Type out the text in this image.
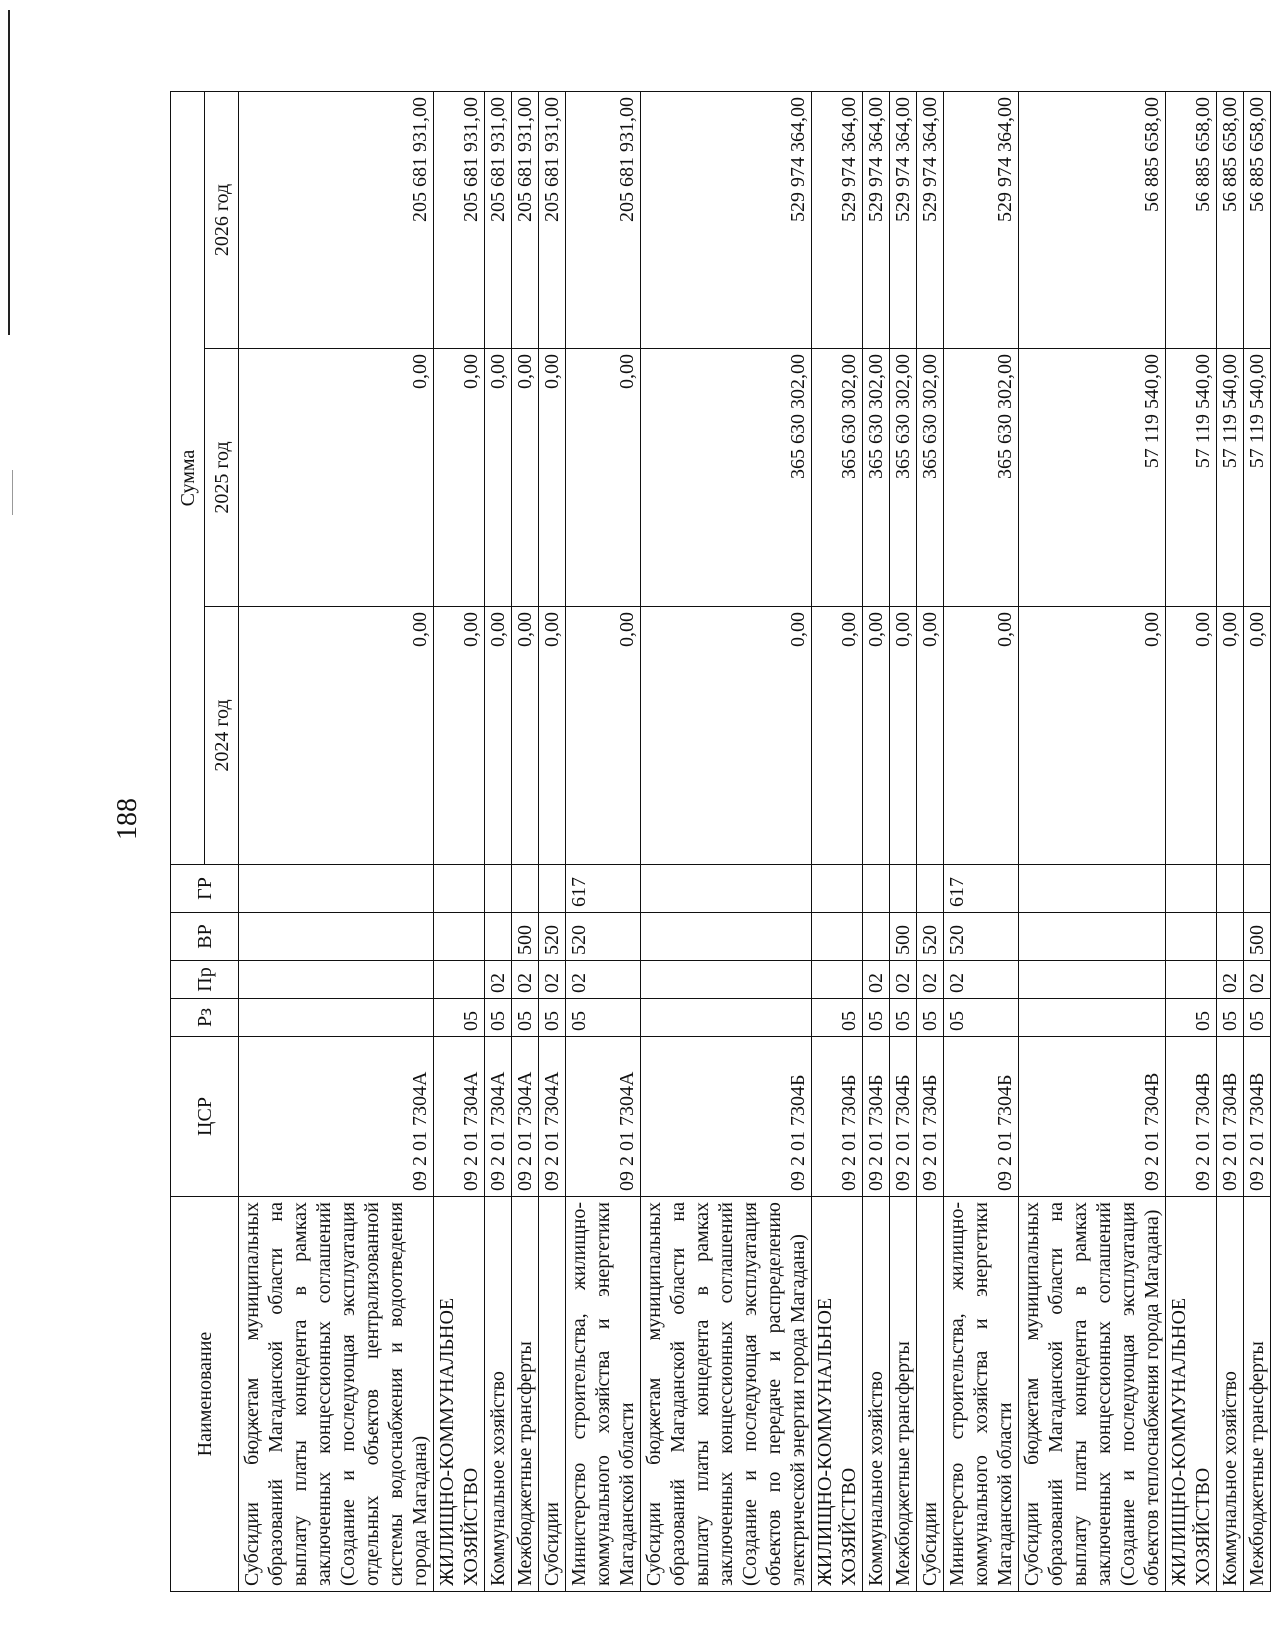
188
Наименование	ЦСР	Рз	Пр	ВР	ГР	Сумма		
						2024 год	2025 год	2026 год
Субсидии бюджетам муниципальных образований Магаданской области на выплату платы концедента в рамках заключенных концессионных соглашений (Создание и последующая эксплуатация отдельных объектов централизованной системы водоснабжения и водоотведения города Магадана)	09 2 01 7304А					0,00	0,00	205 681 931,00
ЖИЛИЩНО-КОММУНАЛЬНОЕ ХОЗЯЙСТВО	09 2 01 7304А	05				0,00	0,00	205 681 931,00
Коммунальное хозяйство	09 2 01 7304А	05	02			0,00	0,00	205 681 931,00
Межбюджетные трансферты	09 2 01 7304А	05	02	500		0,00	0,00	205 681 931,00
Субсидии	09 2 01 7304А	05	02	520		0,00	0,00	205 681 931,00
Министерство строительства, жилищно-коммунального хозяйства и энергетики Магаданской области	09 2 01 7304А	05	02	520	617	0,00	0,00	205 681 931,00
Субсидии бюджетам муниципальных образований Магаданской области на выплату платы концедента в рамках заключенных концессионных соглашений (Создание и последующая эксплуатация объектов по передаче и распределению электрической энергии города Магадана)	09 2 01 7304Б					0,00	365 630 302,00	529 974 364,00
ЖИЛИЩНО-КОММУНАЛЬНОЕ ХОЗЯЙСТВО	09 2 01 7304Б	05				0,00	365 630 302,00	529 974 364,00
Коммунальное хозяйство	09 2 01 7304Б	05	02			0,00	365 630 302,00	529 974 364,00
Межбюджетные трансферты	09 2 01 7304Б	05	02	500		0,00	365 630 302,00	529 974 364,00
Субсидии	09 2 01 7304Б	05	02	520		0,00	365 630 302,00	529 974 364,00
Министерство строительства, жилищно-коммунального хозяйства и энергетики Магаданской области	09 2 01 7304Б	05	02	520	617	0,00	365 630 302,00	529 974 364,00
Субсидии бюджетам муниципальных образований Магаданской области на выплату платы концедента в рамках заключенных концессионных соглашений (Создание и последующая эксплуатация объектов теплоснабжения города Магадана)	09 2 01 7304В					0,00	57 119 540,00	56 885 658,00
ЖИЛИЩНО-КОММУНАЛЬНОЕ ХОЗЯЙСТВО	09 2 01 7304В	05				0,00	57 119 540,00	56 885 658,00
Коммунальное хозяйство	09 2 01 7304В	05	02			0,00	57 119 540,00	56 885 658,00
Межбюджетные трансферты	09 2 01 7304В	05	02	500		0,00	57 119 540,00	56 885 658,00
